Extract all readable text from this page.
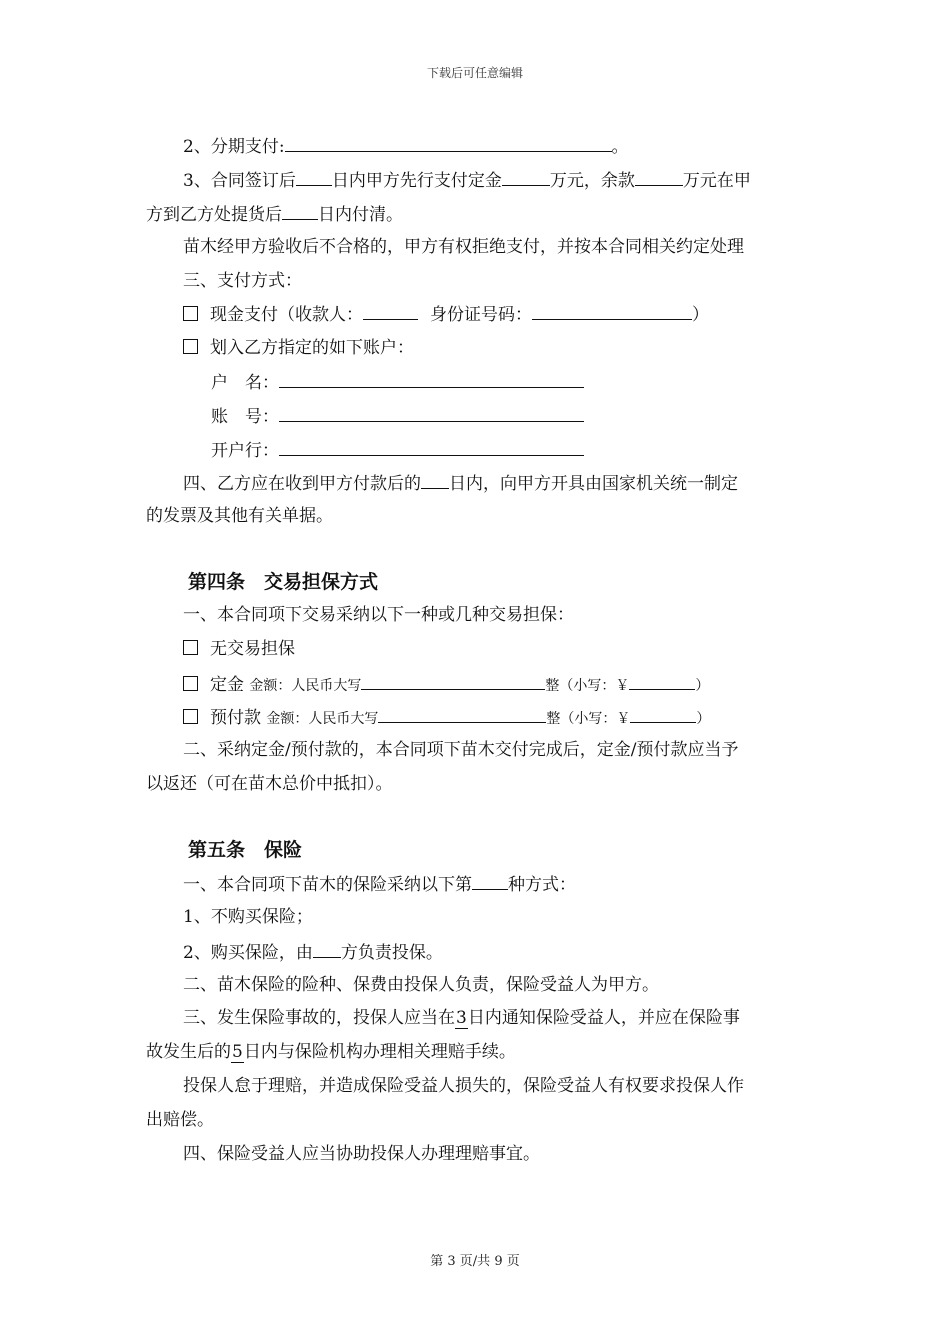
下载后可任意编辑
2、分期支付:	。
3、合同签订后 日内甲方先行支付定金	万元，余款	万元在甲
方到乙方处提货后 日内付清。
苗木经甲方验收后不合格的，甲方有权拒绝支付，并按本合同相关约定处理
三、支付方式：
现金支付（收款人：	身份证号码：	）
划入乙方指定的如下账户：
户　名：
账　号：
开户行：
四、乙方应在收到甲方付款后的 日内，向甲方开具由国家机关统一制定
的发票及其他有关单据。
第四条　交易担保方式
一、本合同项下交易采纳以下一种或几种交易担保：
无交易担保
定金 金额：人民币大写	整（小写：￥	）
预付款 金额：人民币大写	整（小写：￥	）
二、采纳定金/预付款的，本合同项下苗木交付完成后，定金/预付款应当予
以返还（可在苗木总价中抵扣）。
第五条　保险
一、本合同项下苗木的保险采纳以下第 种方式：
1、不购买保险；
2、购买保险，由 方负责投保。
二、苗木保险的险种、保费由投保人负责，保险受益人为甲方。
三、发生保险事故的，投保人应当在3日内通知保险受益人，并应在保险事
故发生后的5日内与保险机构办理相关理赔手续。
投保人怠于理赔，并造成保险受益人损失的，保险受益人有权要求投保人作
出赔偿。
四、保险受益人应当协助投保人办理理赔事宜。
第 3 页/共 9 页
